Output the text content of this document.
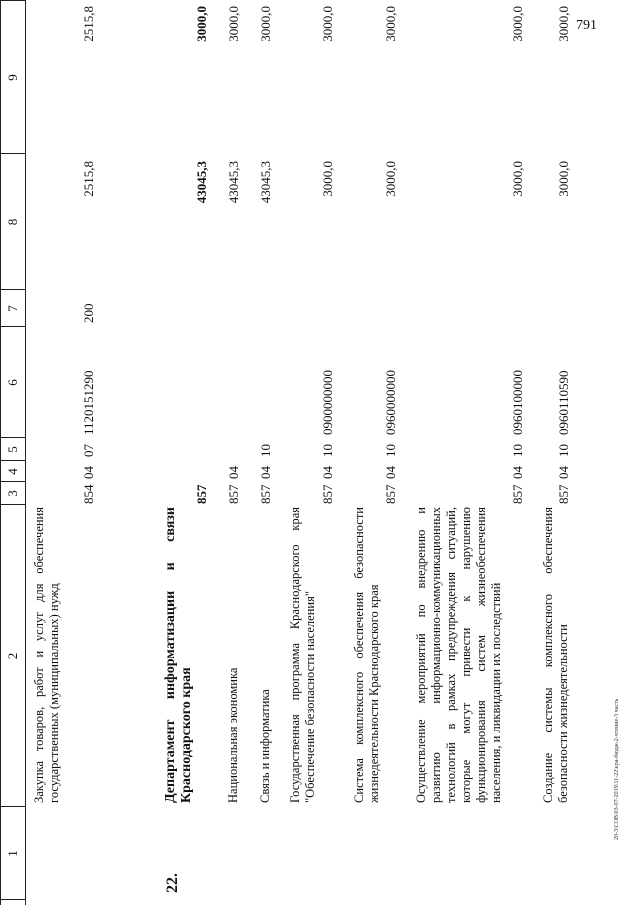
791
20-3\СОВ\03-07-2019\11-22\кра-бюдж-2-чтение-3 часть
1
2
3
4
5
6
7
8
9
Закупка товаров, работ и услуг для обеспечения государственных (муниципальных) нужд
854
04
07
1120151290
200
2515,8
2515,8
22.
Департамент информатизации и связи Краснодарского края
857
43045,3
3000,0
Национальная экономика
857
04
43045,3
3000,0
Связь и информатика
857
04
10
43045,3
3000,0
Государственная программа Краснодарского края "Обеспечение безопасности населения"
857
04
10
0900000000
3000,0
3000,0
Система комплексного обеспечения безопасности жизнедеятельности Краснодарского края
857
04
10
0960000000
3000,0
3000,0
Осуществление мероприятий по внедрению и развитию информационно-коммуникационных технологий в рамках предупреждения ситуаций, которые могут привести к нарушению функционирования систем жизнеобеспечения населения, и ликвидации их последствий
857
04
10
0960100000
3000,0
3000,0
Создание системы комплексного обеспечения безопасности жизнедеятельности
857
04
10
0960110590
3000,0
3000,0
